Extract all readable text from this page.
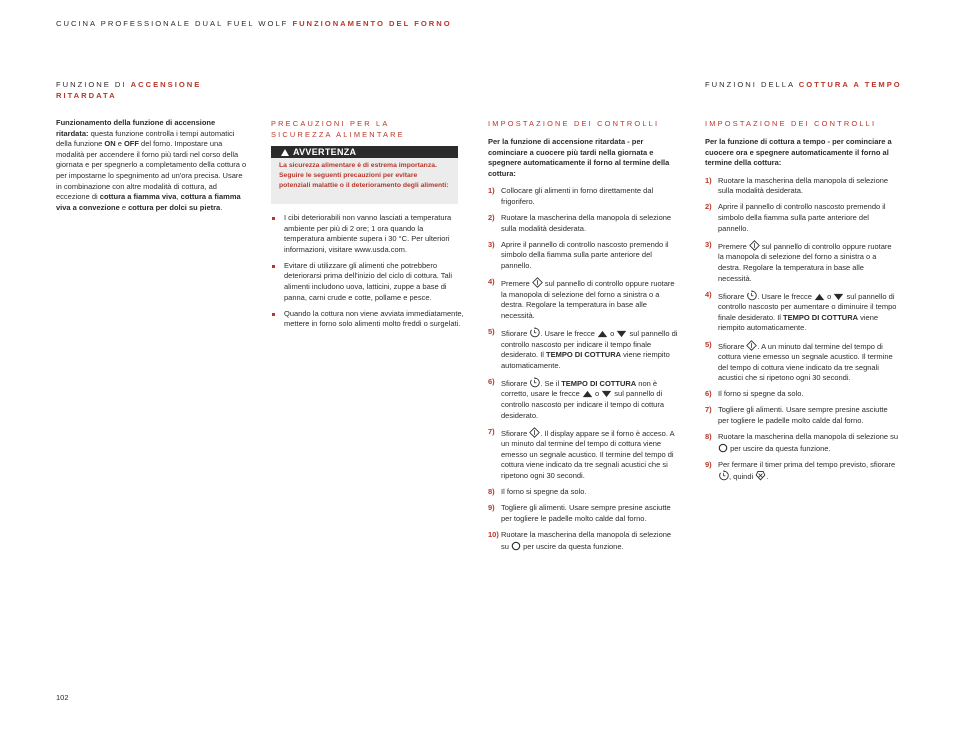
CUCINA PROFESSIONALE DUAL FUEL WOLF FUNZIONAMENTO DEL FORNO
FUNZIONE DI ACCENSIONE RITARDATA

Funzionamento della funzione di accensione ritardata: questa funzione controlla i tempi automatici della funzione ON e OFF del forno. Impostare una modalità per accendere il forno più tardi nel corso della giornata e per spegnerlo a completamento della cottura o per impostarne lo spegnimento ad un'ora precisa. Usare in combinazione con altre modalità di cottura, ad eccezione di cottura a fiamma viva, cottura a fiamma viva a convezione e cottura per dolci su pietra.

PRECAUZIONI PER LA SICUREZZA ALIMENTARE
AVVERTENZA
La sicurezza alimentare è di estrema importanza. Seguire le seguenti precauzioni per evitare potenziali malattie o il deterioramento degli alimenti:
I cibi deteriorabili non vanno lasciati a temperatura ambiente per più di 2 ore; 1 ora quando la temperatura ambiente supera i 30 °C. Per ulteriori informazioni, visitare www.usda.com.
Evitare di utilizzare gli alimenti che potrebbero deteriorarsi prima dell'inizio del ciclo di cottura. Tali alimenti includono uova, latticini, zuppe a base di panna, carni crude e cotte, pollame e pesce.
Quando la cottura non viene avviata immediatamente, mettere in forno solo alimenti molto freddi o surgelati.
IMPOSTAZIONE DEI CONTROLLI

Per la funzione di accensione ritardata - per cominciare a cuocere più tardi nella giornata e spegnere automaticamente il forno al termine della cottura:

1) Collocare gli alimenti in forno direttamente dal frigorifero.
2) Ruotare la mascherina della manopola di selezione sulla modalità desiderata.
3) Aprire il pannello di controllo nascosto premendo il simbolo della fiamma sulla parte anteriore del pannello.
4) Premere  sul pannello di controllo oppure ruotare la manopola di selezione del forno a sinistra o a destra. Regolare la temperatura in base alle necessità.
5) Sfiorare . Usare le frecce  o  sul pannello di controllo nascosto per indicare il tempo finale desiderato. Il TEMPO DI COTTURA viene riempito automaticamente.
6) Sfiorare . Se il TEMPO DI COTTURA non è corretto, usare le frecce  o  sul pannello di controllo nascosto per indicare il tempo di cottura desiderato.
7) Sfiorare . Il display appare se il forno è acceso. A un minuto dal termine del tempo di cottura viene emesso un segnale acustico. Il termine del tempo di cottura viene indicato da tre segnali acustici che si ripetono ogni 30 secondi.
8) Il forno si spegne da solo.
9) Togliere gli alimenti. Usare sempre presine asciutte per togliere le padelle molto calde dal forno.
10) Ruotare la mascherina della manopola di selezione su  per uscire da questa funzione.
FUNZIONI DELLA COTTURA A TEMPO
IMPOSTAZIONE DEI CONTROLLI

Per la funzione di cottura a tempo - per cominciare a cuocere ora e spegnere automaticamente il forno al termine della cottura:

1) Ruotare la mascherina della manopola di selezione sulla modalità desiderata.
2) Aprire il pannello di controllo nascosto premendo il simbolo della fiamma sulla parte anteriore del pannello.
3) Premere  sul pannello di controllo oppure ruotare la manopola di selezione del forno a sinistra o a destra. Regolare la temperatura in base alle necessità.
4) Sfiorare . Usare le frecce  o  sul pannello di controllo nascosto per aumentare o diminuire il tempo finale desiderato. Il TEMPO DI COTTURA viene riempito automaticamente.
5) Sfiorare . A un minuto dal termine del tempo di cottura viene emesso un segnale acustico. Il termine del tempo di cottura viene indicato da tre segnali acustici che si ripetono ogni 30 secondi.
6) Il forno si spegne da solo.
7) Togliere gli alimenti. Usare sempre presine asciutte per togliere le padelle molto calde dal forno.
8) Ruotare la mascherina della manopola di selezione su  per uscire da questa funzione.
9) Per fermare il timer prima del tempo previsto, sfiorare , quindi .
102
